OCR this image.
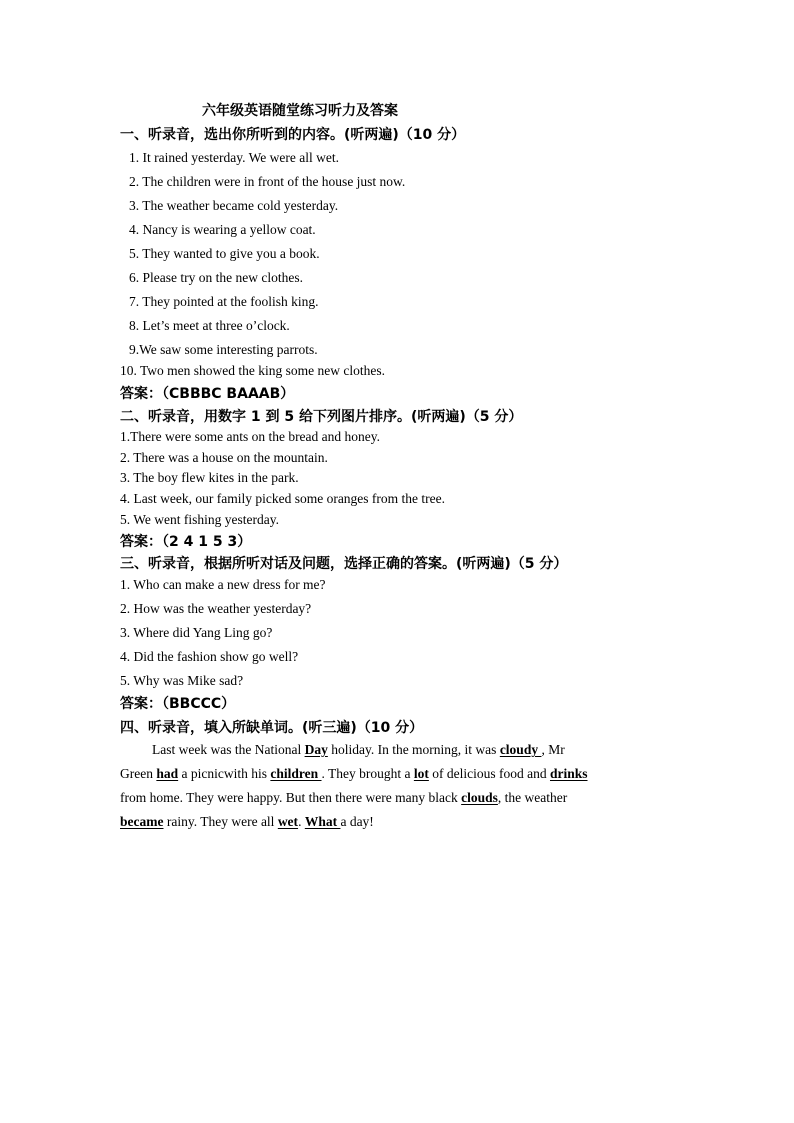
六年级英语随堂练习听力及答案
一、听录音，选出你所听到的内容。(听两遍)（10 分）
1. It rained yesterday. We were all wet.
2. The children were in front of the house just now.
3. The weather became cold yesterday.
4. Nancy is wearing a yellow coat.
5. They wanted to give you a book.
6. Please try on the new clothes.
7. They pointed at the foolish king.
8. Let’s meet at three o’clock.
9.We saw some interesting parrots.
10. Two men showed the king some new clothes.
答案：（CBBBC BAAAB）
二、听录音，用数字 1 到 5 给下列图片排序。(听两遍)（5 分）
1.There were some ants on the bread and honey.
2. There was a house on the mountain.
3. The boy flew kites in the park.
4. Last week, our family picked some oranges from the tree.
5. We went fishing yesterday.
答案：（2 4 1 5 3）
三、听录音，根据所听对话及问题，选择正确的答案。(听两遍)（5 分）
1. Who can make a new dress for me?
2. How was the weather yesterday?
3. Where did Yang Ling go?
4. Did the fashion show go well?
5. Why was Mike sad?
答案：（BBCCC）
四、听录音，填入所缺单词。(听三遍)（10 分）
Last week was the National Day holiday. In the morning, it was cloudy , Mr
Green had a picnicwith his children . They brought a lot of delicious food and drinks
from home. They were happy. But then there were many black clouds, the weather
became rainy. They were all wet. What a day!
